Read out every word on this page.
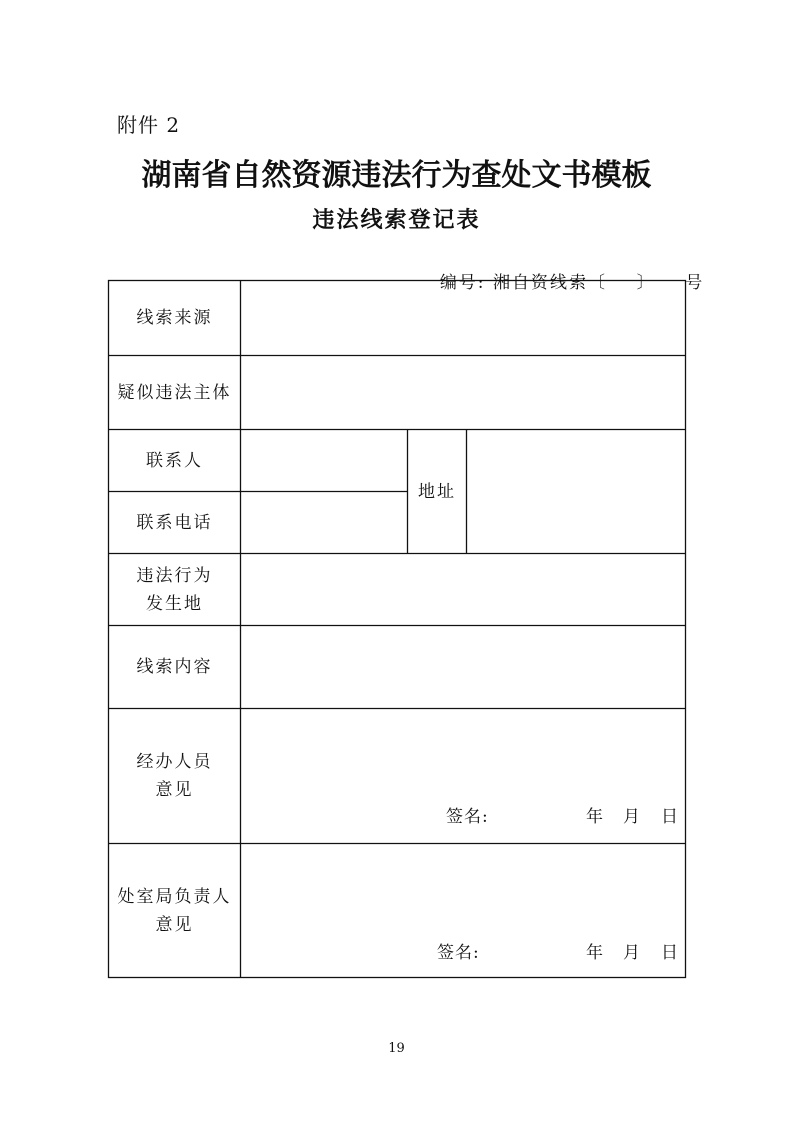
附件 2
湖南省自然资源违法行为查处文书模板
违法线索登记表

编号: 湘自资线索〔 〕 号

线索来源
疑似违法主体
联系人
联系电话
地址
违法行为
发生地
线索内容
经办人员
意见
签名:	年 月 日
处室局负责人
意见
签名:	年 月 日
19
